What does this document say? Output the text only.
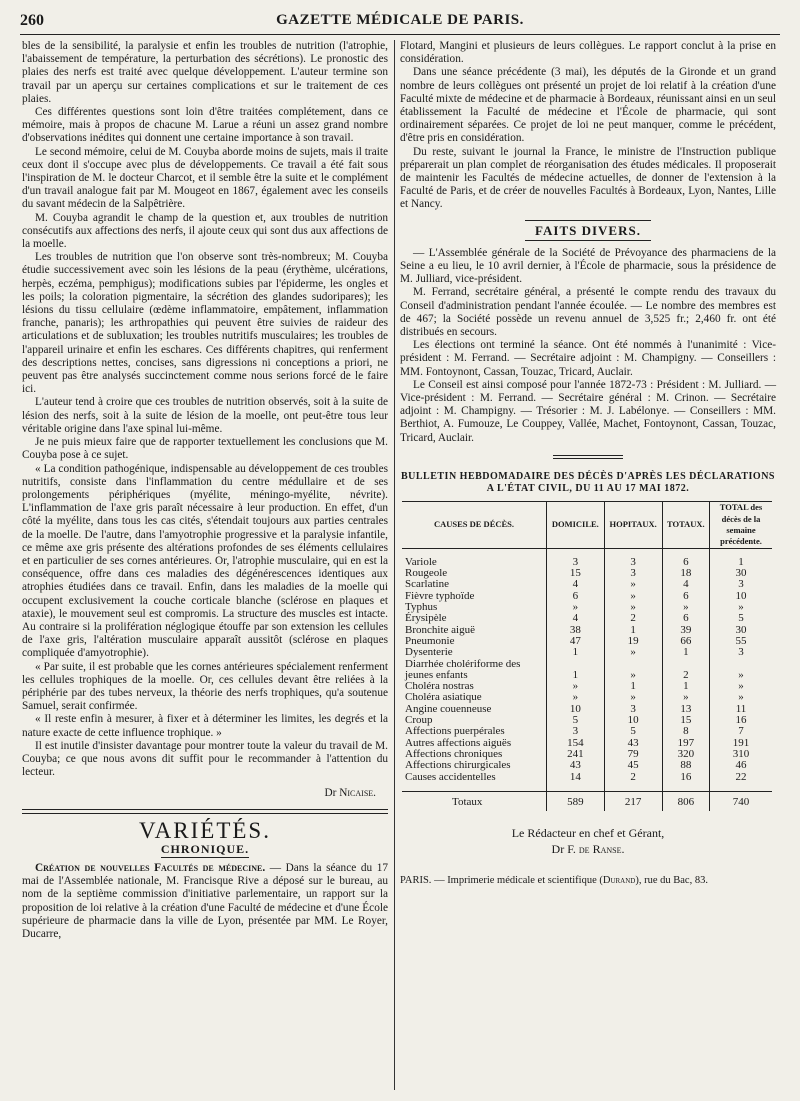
260	GAZETTE MÉDICALE DE PARIS.

bles de la sensibilité, la paralysie et enfin les troubles de nutrition (l'atrophie, l'abaissement de température, la perturbation des sécrétions). Le pronostic des plaies des nerfs est traité avec quelque développement. L'auteur termine son travail par un aperçu sur certaines complications et sur le traitement de ces plaies.

Ces différentes questions sont loin d'être traitées complétement, dans ce mémoire, mais à propos de chacune M. Larue a réuni un assez grand nombre d'observations inédites qui donnent une certaine importance à son travail.

Le second mémoire, celui de M. Couyba aborde moins de sujets, mais il traite ceux dont il s'occupe avec plus de développements. Ce travail a été fait sous l'inspiration de M. le docteur Charcot, et il semble être la suite et le complément d'un travail analogue fait par M. Mougeot en 1867, également avec les conseils du savant médecin de la Salpêtrière.

M. Couyba agrandit le champ de la question et, aux troubles de nutrition consécutifs aux affections des nerfs, il ajoute ceux qui sont dus aux affections de la moelle.

Les troubles de nutrition que l'on observe sont très-nombreux; M. Couyba étudie successivement avec soin les lésions de la peau (érythème, ulcérations, herpès, eczéma, pemphigus); modifications subies par l'épiderme, les ongles et les poils; la coloration pigmentaire, la sécrétion des glandes sudoripares); les lésions du tissu cellulaire (œdème inflammatoire, empâtement, inflammation franche, panaris); les arthropathies qui peuvent être suivies de raideur des articulations et de subluxation; les troubles nutritifs musculaires; les troubles de l'appareil urinaire et enfin les eschares. Ces différents chapitres, qui renferment des descriptions nettes, concises, sans digressions ni conceptions a priori, ne peuvent pas être analysés succinctement comme nous serions forcé de le faire ici.

L'auteur tend à croire que ces troubles de nutrition observés, soit à la suite de lésion des nerfs, soit à la suite de lésion de la moelle, ont peut-être tous leur véritable origine dans l'axe spinal lui-même.

Je ne puis mieux faire que de rapporter textuellement les conclusions que M. Couyba pose à ce sujet.

« La condition pathogénique, indispensable au développement de ces troubles nutritifs, consiste dans l'inflammation du centre médullaire et de ses prolongements périphériques (myélite, méningo-myélite, névrite). L'inflammation de l'axe gris paraît nécessaire à leur production. En effet, d'un côté la myélite, dans tous les cas cités, s'étendait toujours aux parties centrales de la moelle. De l'autre, dans l'amyotrophie progressive et la paralysie infantile, ce même axe gris présente des altérations profondes de ses éléments cellulaires et en particulier de ses cornes antérieures. Or, l'atrophie musculaire, qui en est la conséquence, offre dans ces maladies des dégénérescences identiques aux atrophies étudiées dans ce travail. Enfin, dans les maladies de la moelle qui occupent exclusivement la couche corticale blanche (sclérose en plaques et ataxie), le mouvement seul est compromis. La structure des muscles est intacte. Au contraire si la prolifération néglogique étouffe par son extension les cellules de l'axe gris, l'altération musculaire apparaît aussitôt (sclérose en plaques compliquée d'amyotrophie).

« Par suite, il est probable que les cornes antérieures spécialement renferment les cellules trophiques de la moelle. Or, ces cellules devant être reliées à la périphérie par des tubes nerveux, la théorie des nerfs trophiques, qu'a soutenue Samuel, serait confirmée.

« Il reste enfin à mesurer, à fixer et à déterminer les limites, les degrés et la nature exacte de cette influence trophique. »

Il est inutile d'insister davantage pour montrer toute la valeur du travail de M. Couyba; ce que nous avons dit suffit pour le recommander à l'attention du lecteur.

Dr Nicaise.
VARIÉTÉS.
CHRONIQUE.

Création de nouvelles Facultés de médecine. — Dans la séance du 17 mai de l'Assemblée nationale, M. Francisque Rive a déposé sur le bureau, au nom de la septième commission d'initiative parlementaire, un rapport sur la proposition de loi relative à la création d'une Faculté de médecine et d'une École supérieure de pharmacie dans la ville de Lyon, présentée par MM. Le Royer, Ducarre,

Flotard, Mangini et plusieurs de leurs collègues. Le rapport conclut à la prise en considération.

Dans une séance précédente (3 mai), les députés de la Gironde et un grand nombre de leurs collègues ont présenté un projet de loi relatif à la création d'une Faculté mixte de médecine et de pharmacie à Bordeaux, réunissant ainsi en un seul établissement la Faculté de médecine et l'École de pharmacie, qui sont ordinairement séparées. Ce projet de loi ne peut manquer, comme le précédent, d'être pris en considération.

Du reste, suivant le journal la France, le ministre de l'Instruction publique préparerait un plan complet de réorganisation des études médicales. Il proposerait de maintenir les Facultés de médecine actuelles, de donner de l'extension à la Faculté de Paris, et de créer de nouvelles Facultés à Bordeaux, Lyon, Nantes, Lille et Nancy.

FAITS DIVERS.

— L'Assemblée générale de la Société de Prévoyance des pharmaciens de la Seine a eu lieu, le 10 avril dernier, à l'École de pharmacie, sous la présidence de M. Julliard, vice-président.

M. Ferrand, secrétaire général, a présenté le compte rendu des travaux du Conseil d'administration pendant l'année écoulée. — Le nombre des membres est de 467; la Société possède un revenu annuel de 3,525 fr.; 2,460 fr. ont été distribués en secours.

Les élections ont terminé la séance. Ont été nommés à l'unanimité : Vice-président : M. Ferrand. — Secrétaire adjoint : M. Champigny. — Conseillers : MM. Fontoynont, Cassan, Touzac, Tricard, Auclair.

Le Conseil est ainsi composé pour l'année 1872-73 : Président : M. Julliard. — Vice-président : M. Ferrand. — Secrétaire général : M. Crinon. — Secrétaire adjoint : M. Champigny. — Trésorier : M. J. Labélonye. — Conseillers : MM. Berthiot, A. Fumouze, Le Couppey, Vallée, Machet, Fontoynont, Cassan, Touzac, Tricard, Auclair.

BULLETIN HEBDOMADAIRE DES DÉCÈS D'APRÈS LES DÉCLARATIONS
A L'ÉTAT CIVIL, DU 11 AU 17 MAI 1872.
CAUSES DE DÉCÈS.	DOMICILE.	HOPITAUX.	TOTAUX.	TOTAL des décès de la semaine précédente.

Variole	3	3	6	1
Rougeole	15	3	18	30
Scarlatine	4	»	4	3
Fièvre typhoïde	6	»	6	10
Typhus	»	»	»	»
Érysipèle	4	2	6	5
Bronchite aiguë	38	1	39	30
Pneumonie	47	19	66	55
Dysenterie	1	»	1	3
Diarrhée cholériforme des				
jeunes enfants	1	»	2	»
Choléra nostras	»	1	1	»
Choléra asiatique	»	»	»	»
Angine couenneuse	10	3	13	11
Croup	5	10	15	16
Affections puerpérales	3	5	8	7
Autres affections aiguës	154	43	197	191
Affections chroniques	241	79	320	310
Affections chirurgicales	43	45	88	46
Causes accidentelles	14	2	16	22

Totaux	589	217	806	740
Le Rédacteur en chef et Gérant,
Dr F. de Ranse.
PARIS. — Imprimerie médicale et scientifique (Durand), rue du Bac, 83.
